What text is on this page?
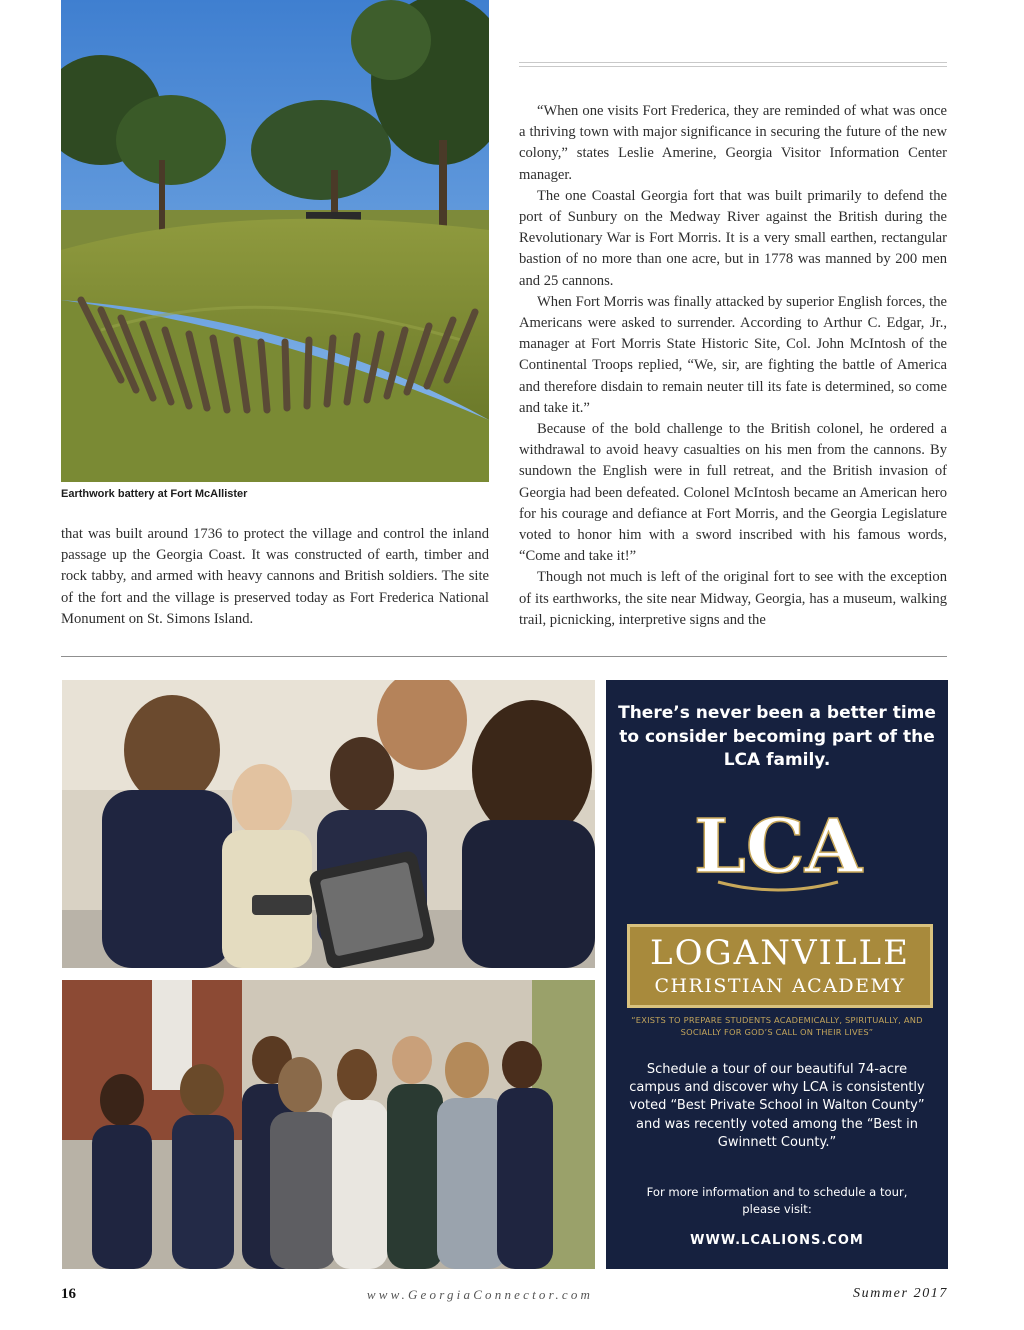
Earthwork battery at Fort McAllister

that was built around 1736 to protect the village and control the inland passage up the Georgia Coast. It was constructed of earth, timber and rock tabby, and armed with heavy cannons and British soldiers. The site of the fort and the village is preserved today as Fort Frederica National Monument on St. Simons Island.

“When one visits Fort Frederica, they are reminded of what was once a thriving town with major significance in securing the future of the new colony,” states Leslie Amerine, Georgia Visitor Information Center manager.

The one Coastal Georgia fort that was built primarily to defend the port of Sunbury on the Medway River against the British during the Revolutionary War is Fort Morris. It is a very small earthen, rectangular bastion of no more than one acre, but in 1778 was manned by 200 men and 25 cannons.

When Fort Morris was finally attacked by superior English forces, the Americans were asked to surrender. According to Arthur C. Edgar, Jr., manager at Fort Morris State Historic Site, Col. John McIntosh of the Continental Troops replied, “We, sir, are fighting the battle of America and therefore disdain to remain neuter till its fate is determined, so come and take it.”

Because of the bold challenge to the British colonel, he ordered a withdrawal to avoid heavy casualties on his men from the cannons. By sundown the English were in full retreat, and the British invasion of Georgia had been defeated. Colonel McIntosh became an American hero for his courage and defiance at Fort Morris, and the Georgia Legislature voted to honor him with a sword inscribed with his famous words, “Come and take it!”

Though not much is left of the original fort to see with the exception of its earthworks, the site near Midway, Georgia, has a museum, walking trail, picnicking, interpretive signs and the

There’s never been a better time to consider becoming part of the LCA family.
LCA
LOGANVILLE
CHRISTIAN ACADEMY
“EXISTS TO PREPARE STUDENTS ACADEMICALLY, SPIRITUALLY, AND SOCIALLY FOR GOD’S CALL ON THEIR LIVES”
Schedule a tour of our beautiful 74-acre campus and discover why LCA is consistently voted “Best Private School in Walton County” and was recently voted among the “Best in Gwinnett County.”
For more information and to schedule a tour, please visit:
WWW.LCALIONS.COM
16	www.GeorgiaConnector.com	Summer 2017
